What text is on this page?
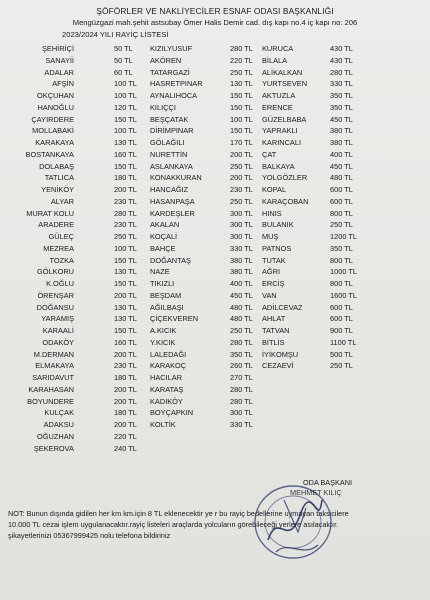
ŞÖFÖRLER VE NAKLİYECİLER ESNAF ODASI BAŞKANLIĞI
Mengüzgazi mah.şehit astsubay Ömer Halis Demir cad. dış kapı no.4 iç kapı no: 206
2023/2024 YILI RAYİÇ LİSTESİ
ŞEHİRİÇİ	50 TL
SANAYİİ	50 TL
ADALAR	60 TL
AFŞİN	100 TL
OKÇUHAN	100 TL
HANOĞLU	120 TL
ÇAYIRDERE	150 TL
MOLLABAKİ	100 TL
KARAKAYA	130 TL
BOSTANKAYA	160 TL
DOLABAŞ	150 TL
TATLICA	180 TL
YENİKÖY	200 TL
ALYAR	230 TL
MURAT KOLU	280 TL
ARADERE	230 TL
GÜLEÇ	250 TL
MEZREA	100 TL
TOZKA	150 TL
GÖLKORU	130 TL
K.OĞLU	150 TL
ÖRENŞAR	200 TL
DOĞANSU	130 TL
YARAMIŞ	130 TL
KARAALİ	150 TL
ODAKÖY	160 TL
M.DERMAN	200 TL
ELMAKAYA	230 TL
SARIDAVUT	180 TL
KARAHASAN	200 TL
BOYUNDERE	200 TL
KULÇAK	180 TL
ADAKSU	200 TL
OĞUZHAN	220 TL
ŞEKEROVA	240 TL
KIZILYUSUF	280 TL
AKÖREN	220 TL
TATARGAZİ	250 TL
HASRETPINAR	130 TL
AYNALIHOCA	150 TL
KILIÇÇI	150 TL
BEŞÇATAK	100 TL
DİRİMPINAR	150 TL
GÖLAĞILI	170 TL
NURETTİN	200 TL
ASLANKAYA	250 TL
KONAKKURAN	200 TL
HANCAĞIZ	230 TL
HASANPAŞA	250 TL
KARDEŞLER	300 TL
AKALAN	300 TL
KOÇALİ	300 TL
BAHÇE	330 TL
DOĞANTAŞ	380 TL
NAZE	380 TL
TIKIZLI	400 TL
BEŞDAM	450 TL
AĞILBAŞI	480 TL
ÇİÇEKVEREN	480 TL
A.KICIK	250 TL
Y.KICIK	280 TL
LALEDAĞI	350 TL
KARAKOÇ	260 TL
HACILAR	270 TL
KARATAŞ	280 TL
KADIKÖY	280 TL
BOYÇAPKIN	300 TL
KOLTİK	330 TL
KURUCA	430 TL
BİLALA	430 TL
ALİKALKAN	280 TL
YURTSEVEN	330 TL
AKTUZLA	350 TL
ERENCE	350 TL
GÜZELBABA	450 TL
YAPRAKLI	380 TL
KARINCALI	380 TL
ÇAT	400 TL
BALKAYA	450 TL
YOLGÖZLER	480 TL
KOPAL	600 TL
KARAÇOBAN	600 TL
HINIS	800 TL
BULANIK	250 TL
MUŞ	1200 TL
PATNOS	350 TL
TUTAK	800 TL
AĞRI	1000 TL
ERCİŞ	800 TL
VAN	1600 TL
ADİLCEVAZ	600 TL
AHLAT	600 TL
TATVAN	900 TL
BİTLİS	1100 TL
İYİKOMŞU	500 TL
CEZAEVİ	250 TL

NOT: Bunun dışında gidilen her km km.için 8 TL eklenecektir ye r bu rayiç bedellerine uymayan taksicilere

10.000 TL cezai işlem uygulanacaktır.rayiç listeleri araçlarda yolcuların görebileceği yerlere asılacaktır.

şikayetlerinizi 05367999425 nolu telefona bildiriniz

ODA BAŞKANI
MEHMET KILIÇ
